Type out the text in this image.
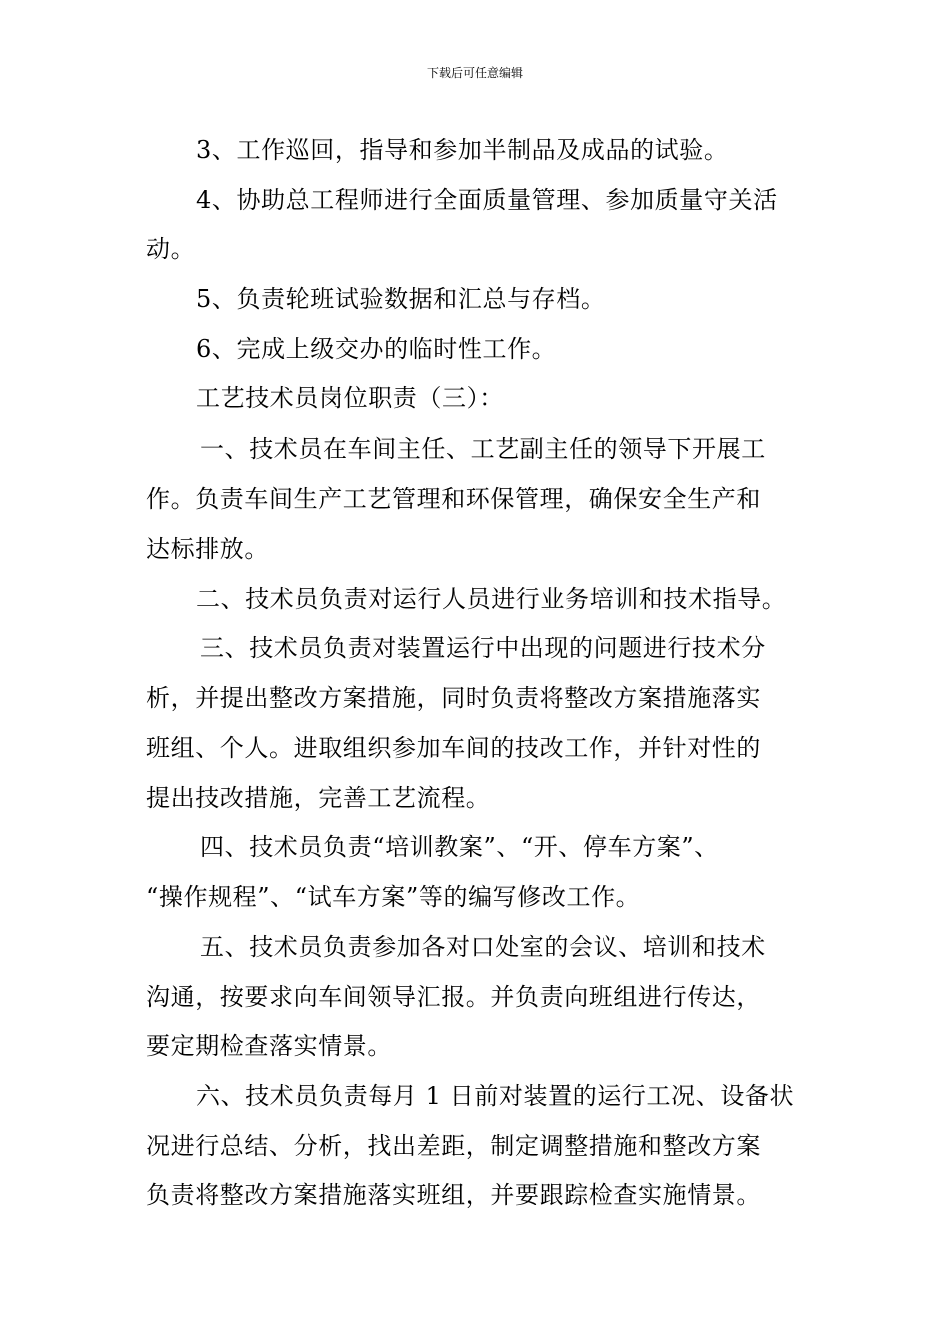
下载后可任意编辑
3、工作巡回，指导和参加半制品及成品的试验。
4、协助总工程师进行全面质量管理、参加质量守关活
动。
5、负责轮班试验数据和汇总与存档。
6、完成上级交办的临时性工作。
工艺技术员岗位职责（三）：
一、技术员在车间主任、工艺副主任的领导下开展工
作。负责车间生产工艺管理和环保管理，确保安全生产和
达标排放。
二、技术员负责对运行人员进行业务培训和技术指导。
三、技术员负责对装置运行中出现的问题进行技术分
析，并提出整改方案措施，同时负责将整改方案措施落实
班组、个人。进取组织参加车间的技改工作，并针对性的
提出技改措施，完善工艺流程。
四、技术员负责“培训教案”、“开、停车方案”、
“操作规程”、“试车方案”等的编写修改工作。
五、技术员负责参加各对口处室的会议、培训和技术
沟通，按要求向车间领导汇报。并负责向班组进行传达，
要定期检查落实情景。
六、技术员负责每月 1 日前对装置的运行工况、设备状
况进行总结、分析，找出差距，制定调整措施和整改方案
负责将整改方案措施落实班组，并要跟踪检查实施情景。
